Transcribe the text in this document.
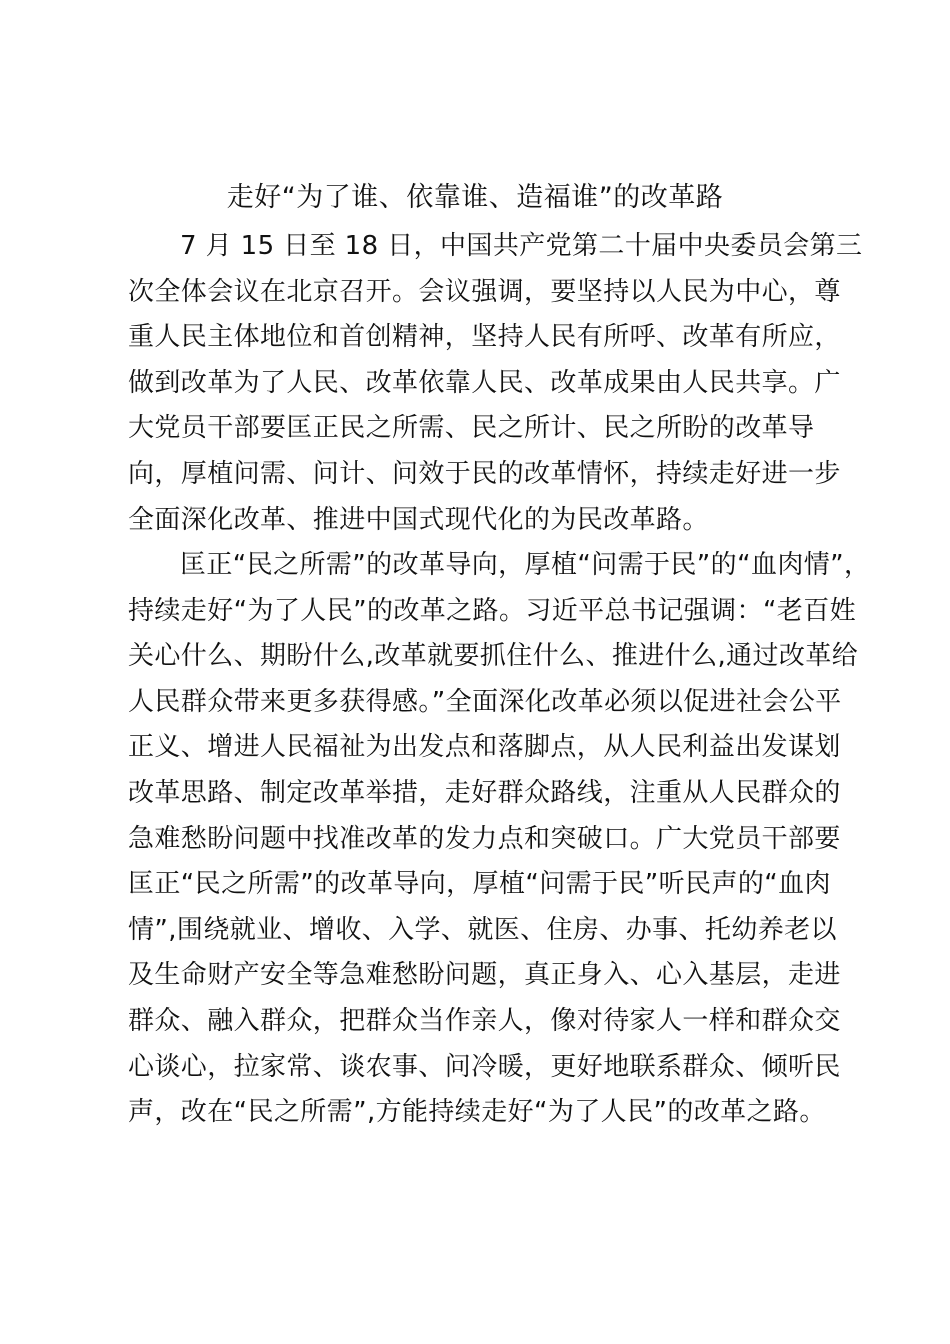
走好“为了谁、依靠谁、造福谁”的改革路
7 月 15 日至 18 日，中国共产党第二十届中央委员会第三
次全体会议在北京召开。会议强调，要坚持以人民为中心，尊
重人民主体地位和首创精神，坚持人民有所呼、改革有所应，
做到改革为了人民、改革依靠人民、改革成果由人民共享。广
大党员干部要匡正民之所需、民之所计、民之所盼的改革导
向，厚植问需、问计、问效于民的改革情怀，持续走好进一步
全面深化改革、推进中国式现代化的为民改革路。
匡正“民之所需”的改革导向，厚植“问需于民”的“血肉情”，
持续走好“为了人民”的改革之路。习近平总书记强调：“老百姓
关心什么、期盼什么,改革就要抓住什么、推进什么,通过改革给
人民群众带来更多获得感。”全面深化改革必须以促进社会公平
正义、增进人民福祉为出发点和落脚点，从人民利益出发谋划
改革思路、制定改革举措，走好群众路线，注重从人民群众的
急难愁盼问题中找准改革的发力点和突破口。广大党员干部要
匡正“民之所需”的改革导向，厚植“问需于民”听民声的“血肉
情”,围绕就业、增收、入学、就医、住房、办事、托幼养老以
及生命财产安全等急难愁盼问题，真正身入、心入基层，走进
群众、融入群众，把群众当作亲人，像对待家人一样和群众交
心谈心，拉家常、谈农事、问冷暖，更好地联系群众、倾听民
声，改在“民之所需”,方能持续走好“为了人民”的改革之路。
